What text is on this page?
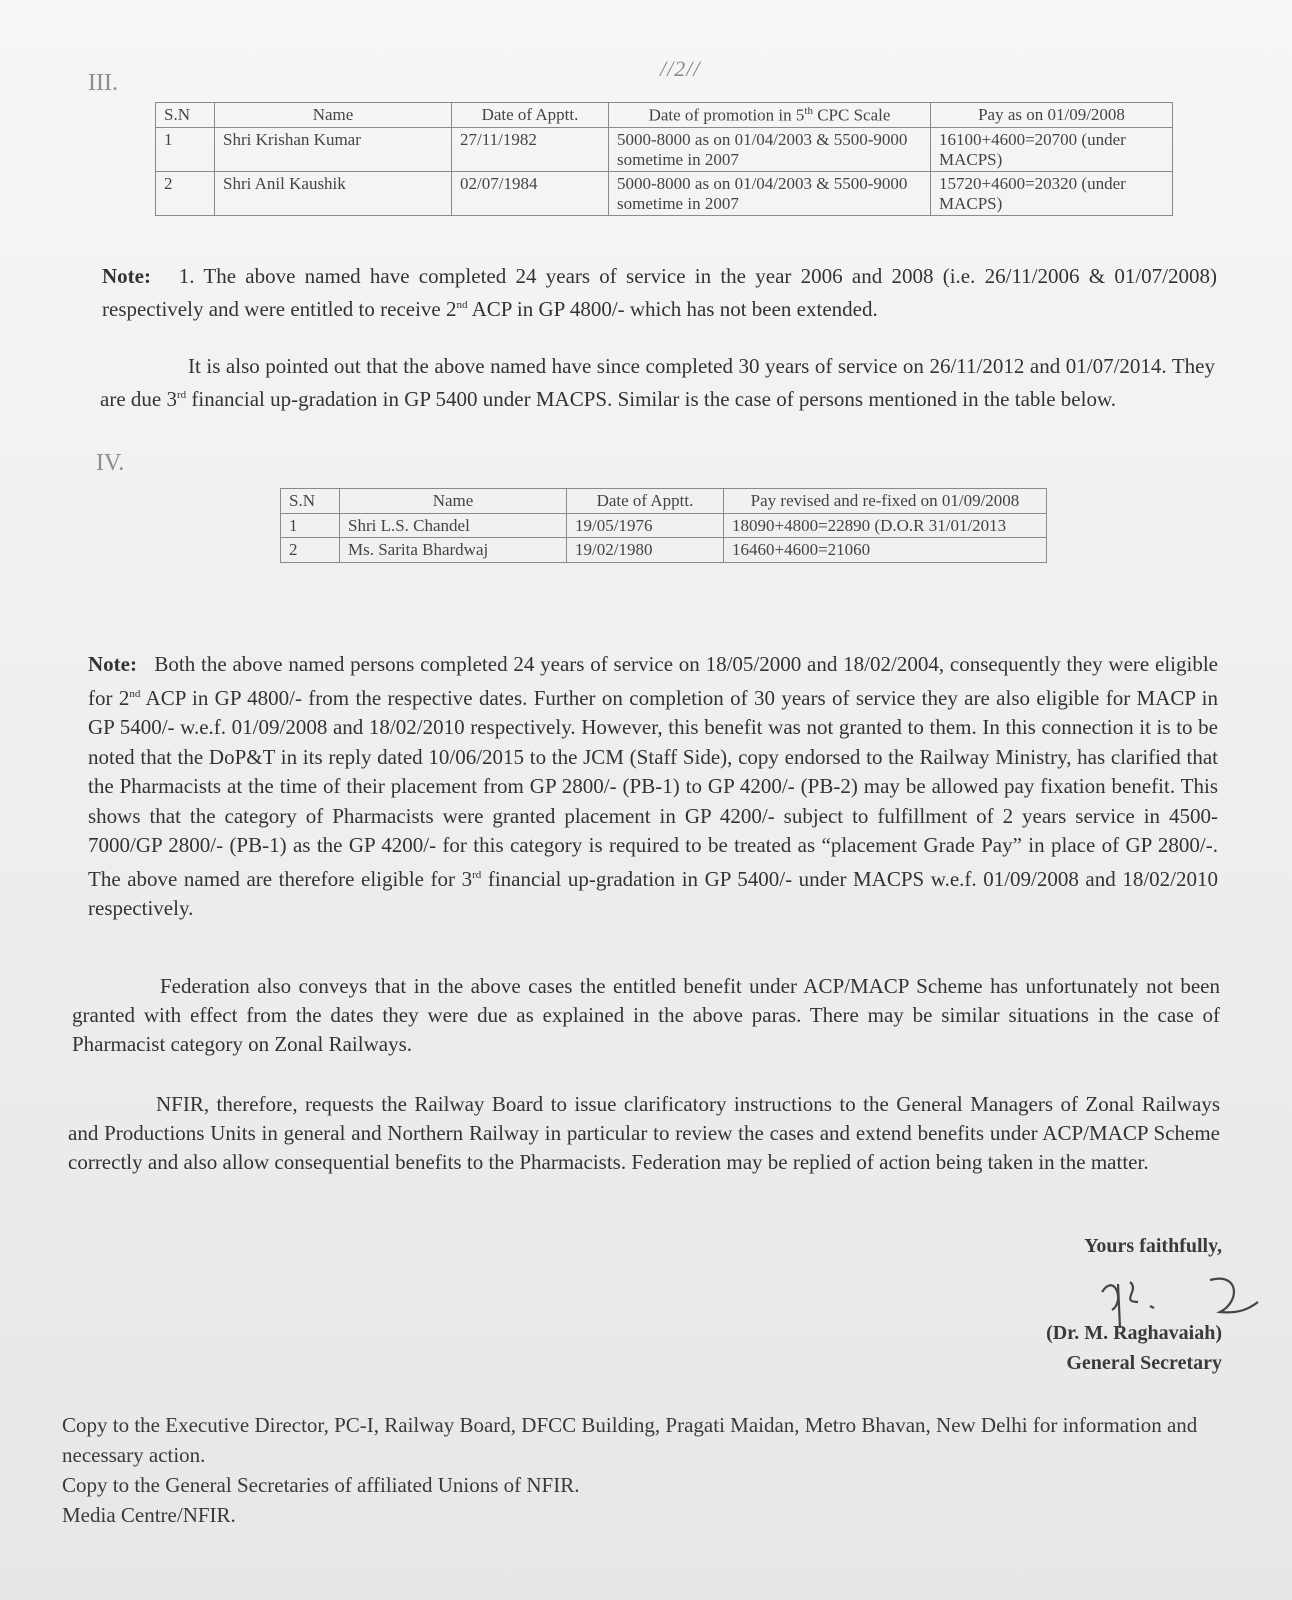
//2//
III.
S.N	Name	Date of Apptt.	Date of promotion in 5th CPC Scale	Pay as on 01/09/2008
1	Shri Krishan Kumar	27/11/1982	5000-8000 as on 01/04/2003 & 5500-9000 sometime in 2007	16100+4600=20700 (under MACPS)
2	Shri Anil Kaushik	02/07/1984	5000-8000 as on 01/04/2003 & 5500-9000 sometime in 2007	15720+4600=20320 (under MACPS)
Note: 1. The above named have completed 24 years of service in the year 2006 and 2008 (i.e. 26/11/2006 & 01/07/2008) respectively and were entitled to receive 2nd ACP in GP 4800/- which has not been extended.
It is also pointed out that the above named have since completed 30 years of service on 26/11/2012 and 01/07/2014. They are due 3rd financial up-gradation in GP 5400 under MACPS. Similar is the case of persons mentioned in the table below.
IV.
S.N	Name	Date of Apptt.	Pay revised and re-fixed on 01/09/2008
1	Shri L.S. Chandel	19/05/1976	18090+4800=22890 (D.O.R 31/01/2013
2	Ms. Sarita Bhardwaj	19/02/1980	16460+4600=21060
Note: Both the above named persons completed 24 years of service on 18/05/2000 and 18/02/2004, consequently they were eligible for 2nd ACP in GP 4800/- from the respective dates. Further on completion of 30 years of service they are also eligible for MACP in GP 5400/- w.e.f. 01/09/2008 and 18/02/2010 respectively. However, this benefit was not granted to them. In this connection it is to be noted that the DoP&T in its reply dated 10/06/2015 to the JCM (Staff Side), copy endorsed to the Railway Ministry, has clarified that the Pharmacists at the time of their placement from GP 2800/- (PB-1) to GP 4200/- (PB-2) may be allowed pay fixation benefit. This shows that the category of Pharmacists were granted placement in GP 4200/- subject to fulfillment of 2 years service in 4500-7000/GP 2800/- (PB-1) as the GP 4200/- for this category is required to be treated as “placement Grade Pay” in place of GP 2800/-. The above named are therefore eligible for 3rd financial up-gradation in GP 5400/- under MACPS w.e.f. 01/09/2008 and 18/02/2010 respectively.
Federation also conveys that in the above cases the entitled benefit under ACP/MACP Scheme has unfortunately not been granted with effect from the dates they were due as explained in the above paras. There may be similar situations in the case of Pharmacist category on Zonal Railways.
NFIR, therefore, requests the Railway Board to issue clarificatory instructions to the General Managers of Zonal Railways and Productions Units in general and Northern Railway in particular to review the cases and extend benefits under ACP/MACP Scheme correctly and also allow consequential benefits to the Pharmacists. Federation may be replied of action being taken in the matter.
Yours faithfully,
(Dr. M. Raghavaiah)
General Secretary
Copy to the Executive Director, PC-I, Railway Board, DFCC Building, Pragati Maidan, Metro Bhavan, New Delhi for information and necessary action.
Copy to the General Secretaries of affiliated Unions of NFIR.
Media Centre/NFIR.
